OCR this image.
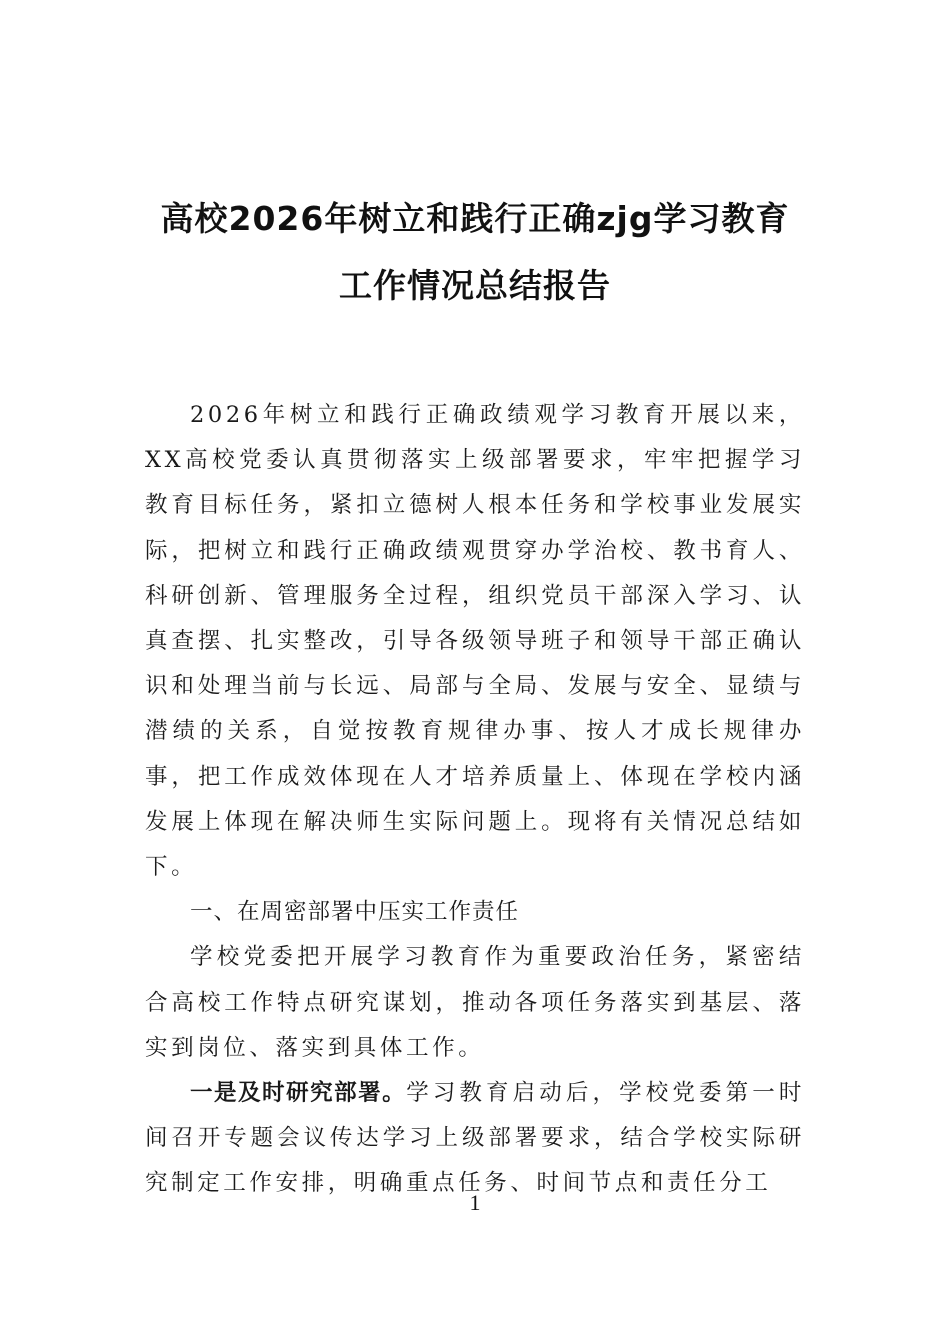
高校2026年树立和践行正确zjg学习教育
工作情况总结报告

2026年树立和践行正确政绩观学习教育开展以来，XX高校党委认真贯彻落实上级部署要求，牢牢把握学习教育目标任务，紧扣立德树人根本任务和学校事业发展实际，把树立和践行正确政绩观贯穿办学治校、教书育人、科研创新、管理服务全过程，组织党员干部深入学习、认真查摆、扎实整改，引导各级领导班子和领导干部正确认识和处理当前与长远、局部与全局、发展与安全、显绩与潜绩的关系，自觉按教育规律办事、按人才成长规律办事，把工作成效体现在人才培养质量上、体现在学校内涵发展上体现在解决师生实际问题上。现将有关情况总结如下。

一、在周密部署中压实工作责任

学校党委把开展学习教育作为重要政治任务，紧密结合高校工作特点研究谋划，推动各项任务落实到基层、落实到岗位、落实到具体工作。

一是及时研究部署。学习教育启动后，学校党委第一时间召开专题会议传达学习上级部署要求，结合学校实际研究制定工作安排，明确重点任务、时间节点和责任分工

1
